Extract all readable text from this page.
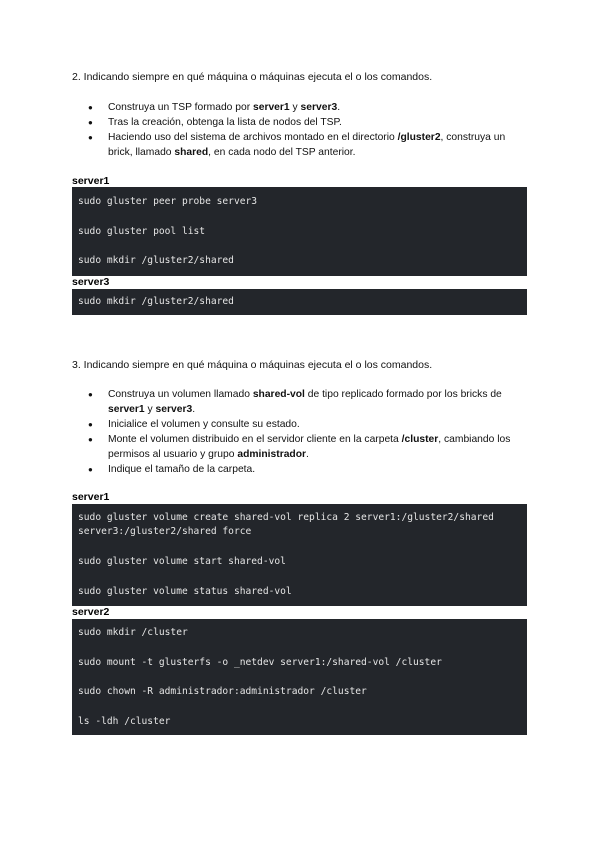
2. Indicando siempre en qué máquina o máquinas ejecuta el o los comandos.
● Construya un TSP formado por server1 y server3.
● Tras la creación, obtenga la lista de nodos del TSP.
● Haciendo uso del sistema de archivos montado en el directorio /gluster2, construya un brick, llamado shared, en cada nodo del TSP anterior.
server1
sudo gluster peer probe server3
sudo gluster pool list
sudo mkdir /gluster2/shared
server3
sudo mkdir /gluster2/shared
3. Indicando siempre en qué máquina o máquinas ejecuta el o los comandos.
● Construya un volumen llamado shared-vol de tipo replicado formado por los bricks de server1 y server3.
● Inicialice el volumen y consulte su estado.
● Monte el volumen distribuido en el servidor cliente en la carpeta /cluster, cambiando los permisos al usuario y grupo administrador.
● Indique el tamaño de la carpeta.
server1
sudo gluster volume create shared-vol replica 2 server1:/gluster2/shared
server3:/gluster2/shared force
sudo gluster volume start shared-vol
sudo gluster volume status shared-vol
server2
sudo mkdir /cluster
sudo mount -t glusterfs -o _netdev server1:/shared-vol /cluster
sudo chown -R administrador:administrador /cluster
ls -ldh /cluster
